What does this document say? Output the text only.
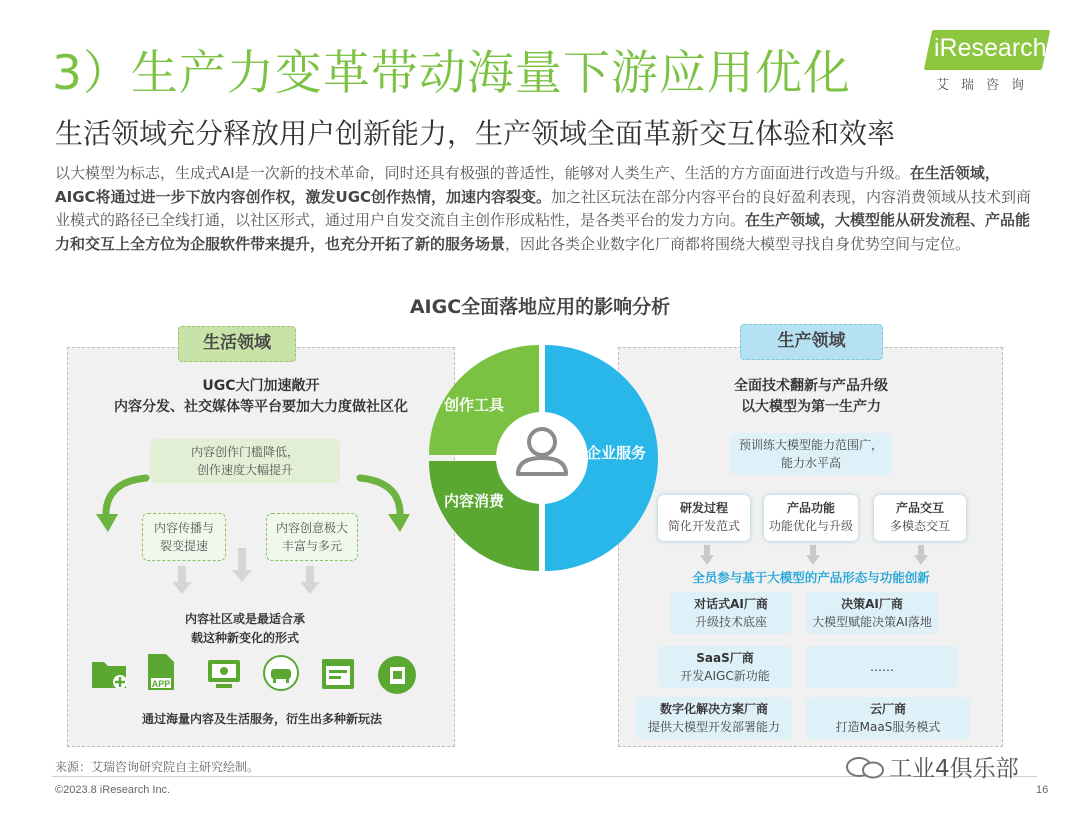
3）生产力变革带动海量下游应用优化	iResearch
艾瑞咨询
生活领域充分释放用户创新能力，生产领域全面革新交互体验和效率
以大模型为标志，生成式AI是一次新的技术革命，同时还具有极强的普适性，能够对人类生产、生活的方方面面进行改造与升级。在生活领域，AIGC将通过进一步下放内容创作权，激发UGC创作热情，加速内容裂变。加之社区玩法在部分内容平台的良好盈利表现，内容消费领域从技术到商业模式的路径已全线打通，以社区形式，通过用户自发交流自主创作形成粘性，是各类平台的发力方向。在生产领域，大模型能从研发流程、产品能力和交互上全方位为企服软件带来提升，也充分开拓了新的服务场景，因此各类企业数字化厂商都将围绕大模型寻找自身优势空间与定位。
AIGC全面落地应用的影响分析
生活领域
UGC大门加速敞开
内容分发、社交媒体等平台要加大力度做社区化
内容创作门槛降低，
创作速度大幅提升
内容传播与
裂变提速
内容创意极大
丰富与多元
内容社区或是最适合承
载这种新变化的形式
APP
通过海量内容及生活服务，衍生出多种新玩法
生产领域
全面技术翻新与产品升级
以大模型为第一生产力
预训练大模型能力范围广，
能力水平高
研发过程
简化开发范式
产品功能
功能优化与升级
产品交互
多模态交互
全员参与基于大模型的产品形态与功能创新
对话式AI厂商
升级技术底座
决策AI厂商
大模型赋能决策AI落地
SaaS厂商
开发AIGC新功能
……
数字化解决方案厂商
提供大模型开发部署能力
云厂商
打造MaaS服务模式
创作工具
内容消费
企业服务
来源：艾瑞咨询研究院自主研究绘制。
©2023.8 iResearch Inc.	16
工业4俱乐部
